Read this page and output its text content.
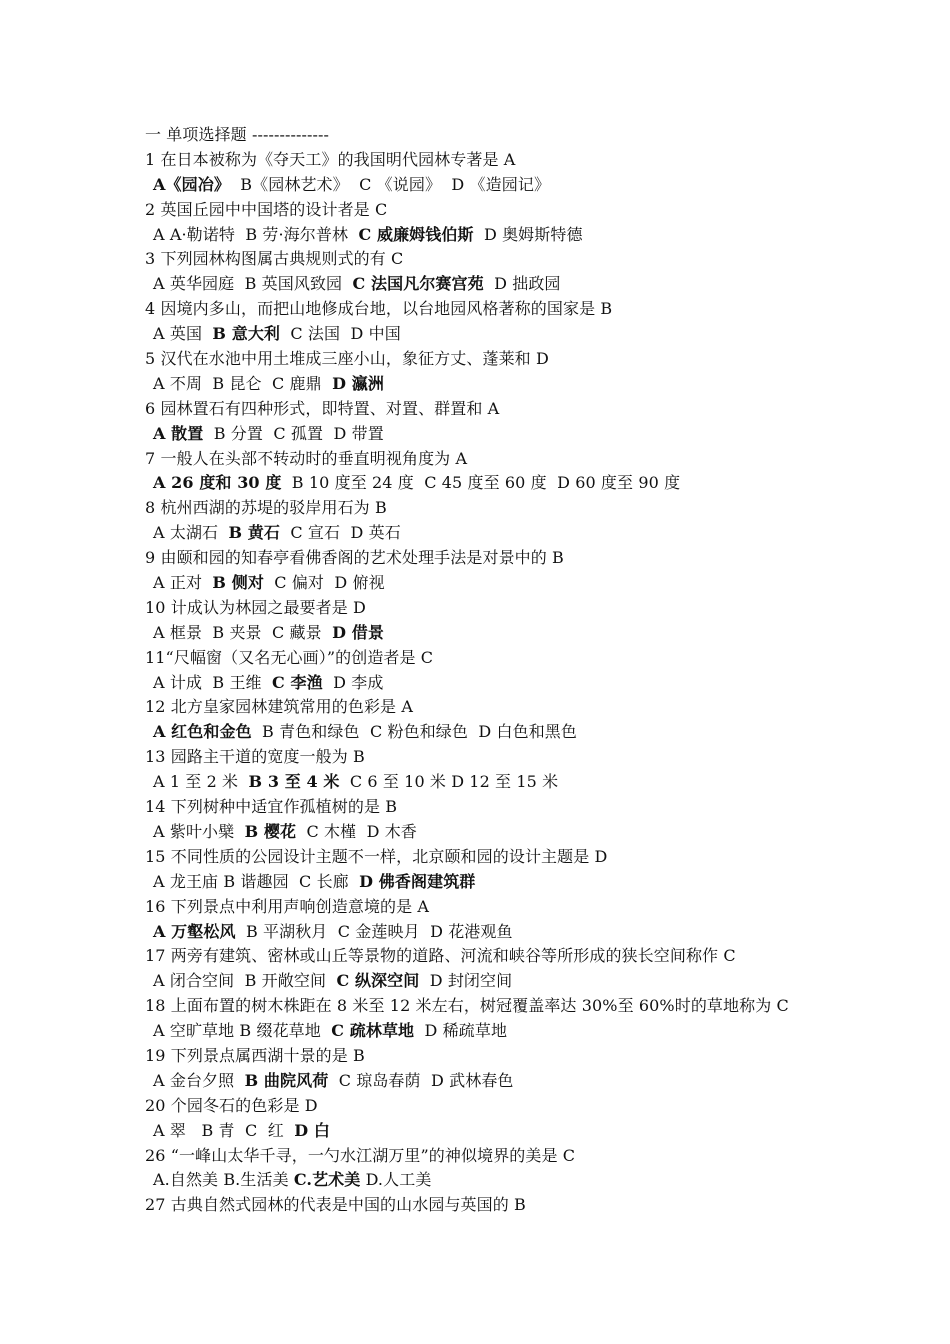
一 单项选择题 --------------
1 在日本被称为《夺天工》的我国明代园林专著是 A
A《园冶》  B《园林艺术》  C 《说园》  D 《造园记》
2 英国丘园中中国塔的设计者是 C
A A·勒诺特  B 劳·海尔普林  C 威廉姆钱伯斯  D 奥姆斯特德
3 下列园林构图属古典规则式的有 C
A 英华园庭  B 英国风致园  C 法国凡尔赛宫苑  D 拙政园
4 因境内多山，而把山地修成台地，以台地园风格著称的国家是 B
A 英国  B 意大利  C 法国  D 中国
5 汉代在水池中用土堆成三座小山，象征方丈、蓬莱和 D
A 不周  B 昆仑  C 鹿鼎  D 瀛洲
6 园林置石有四种形式，即特置、对置、群置和 A
A 散置  B 分置  C 孤置  D 带置
7 一般人在头部不转动时的垂直明视角度为 A
A 26 度和 30 度  B 10 度至 24 度  C 45 度至 60 度  D 60 度至 90 度
8 杭州西湖的苏堤的驳岸用石为 B
A 太湖石  B 黄石  C 宣石  D 英石
9 由颐和园的知春亭看佛香阁的艺术处理手法是对景中的 B
A 正对  B 侧对  C 偏对  D 俯视
10 计成认为林园之最要者是 D
A 框景  B 夹景  C 藏景  D 借景
11“尺幅窗（又名无心画）”的创造者是 C
A 计成  B 王维  C 李渔  D 李成
12 北方皇家园林建筑常用的色彩是 A
A 红色和金色  B 青色和绿色  C 粉色和绿色  D 白色和黑色
13 园路主干道的宽度一般为 B
A 1 至 2 米  B 3 至 4 米  C 6 至 10 米 D 12 至 15 米
14 下列树种中适宜作孤植树的是 B
A 紫叶小檗  B 樱花  C 木槿  D 木香
15 不同性质的公园设计主题不一样，北京颐和园的设计主题是 D
A 龙王庙 B 谐趣园  C 长廊  D 佛香阁建筑群
16 下列景点中利用声响创造意境的是 A
A 万壑松风  B 平湖秋月  C 金莲映月  D 花港观鱼
17 两旁有建筑、密林或山丘等景物的道路、河流和峡谷等所形成的狭长空间称作 C
A 闭合空间  B 开敞空间  C 纵深空间  D 封闭空间
18 上面布置的树木株距在 8 米至 12 米左右，树冠覆盖率达 30%至 60%时的草地称为 C
A 空旷草地 B 缀花草地  C 疏林草地  D 稀疏草地
19 下列景点属西湖十景的是 B
A 金台夕照  B 曲院风荷  C 琼岛春荫  D 武林春色
20 个园冬石的色彩是 D
A 翠   B 青  C  红  D 白
26 “一峰山太华千寻，一勺水江湖万里”的神似境界的美是 C
A.自然美 B.生活美 C.艺术美 D.人工美
27 古典自然式园林的代表是中国的山水园与英国的 B
